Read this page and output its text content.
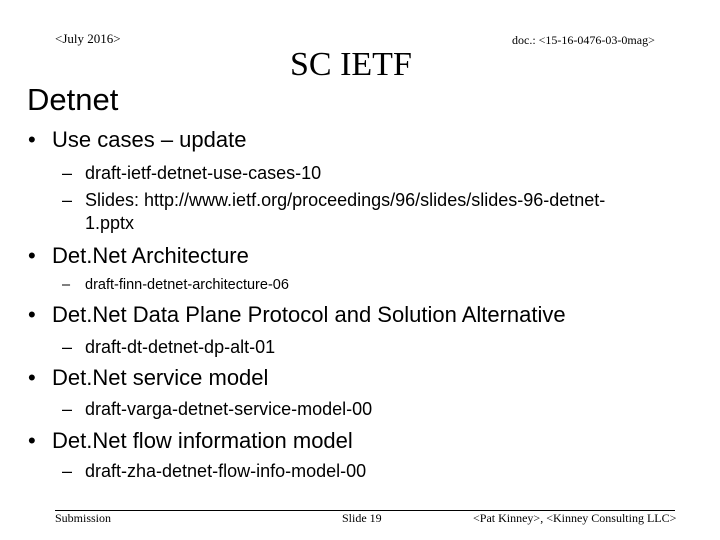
<July 2016>	doc.: <15-16-0476-03-0mag>
SC IETF
Detnet
• Use cases – update
– draft-ietf-detnet-use-cases-10
– Slides: http://www.ietf.org/proceedings/96/slides/slides-96-detnet-
1.pptx
• Det.Net Architecture
– draft-finn-detnet-architecture-06
• Det.Net Data Plane Protocol and Solution Alternative
– draft-dt-detnet-dp-alt-01
• Det.Net service model
– draft-varga-detnet-service-model-00
• Det.Net flow information model
– draft-zha-detnet-flow-info-model-00
Submission	Slide 19	<Pat Kinney>, <Kinney Consulting LLC>
